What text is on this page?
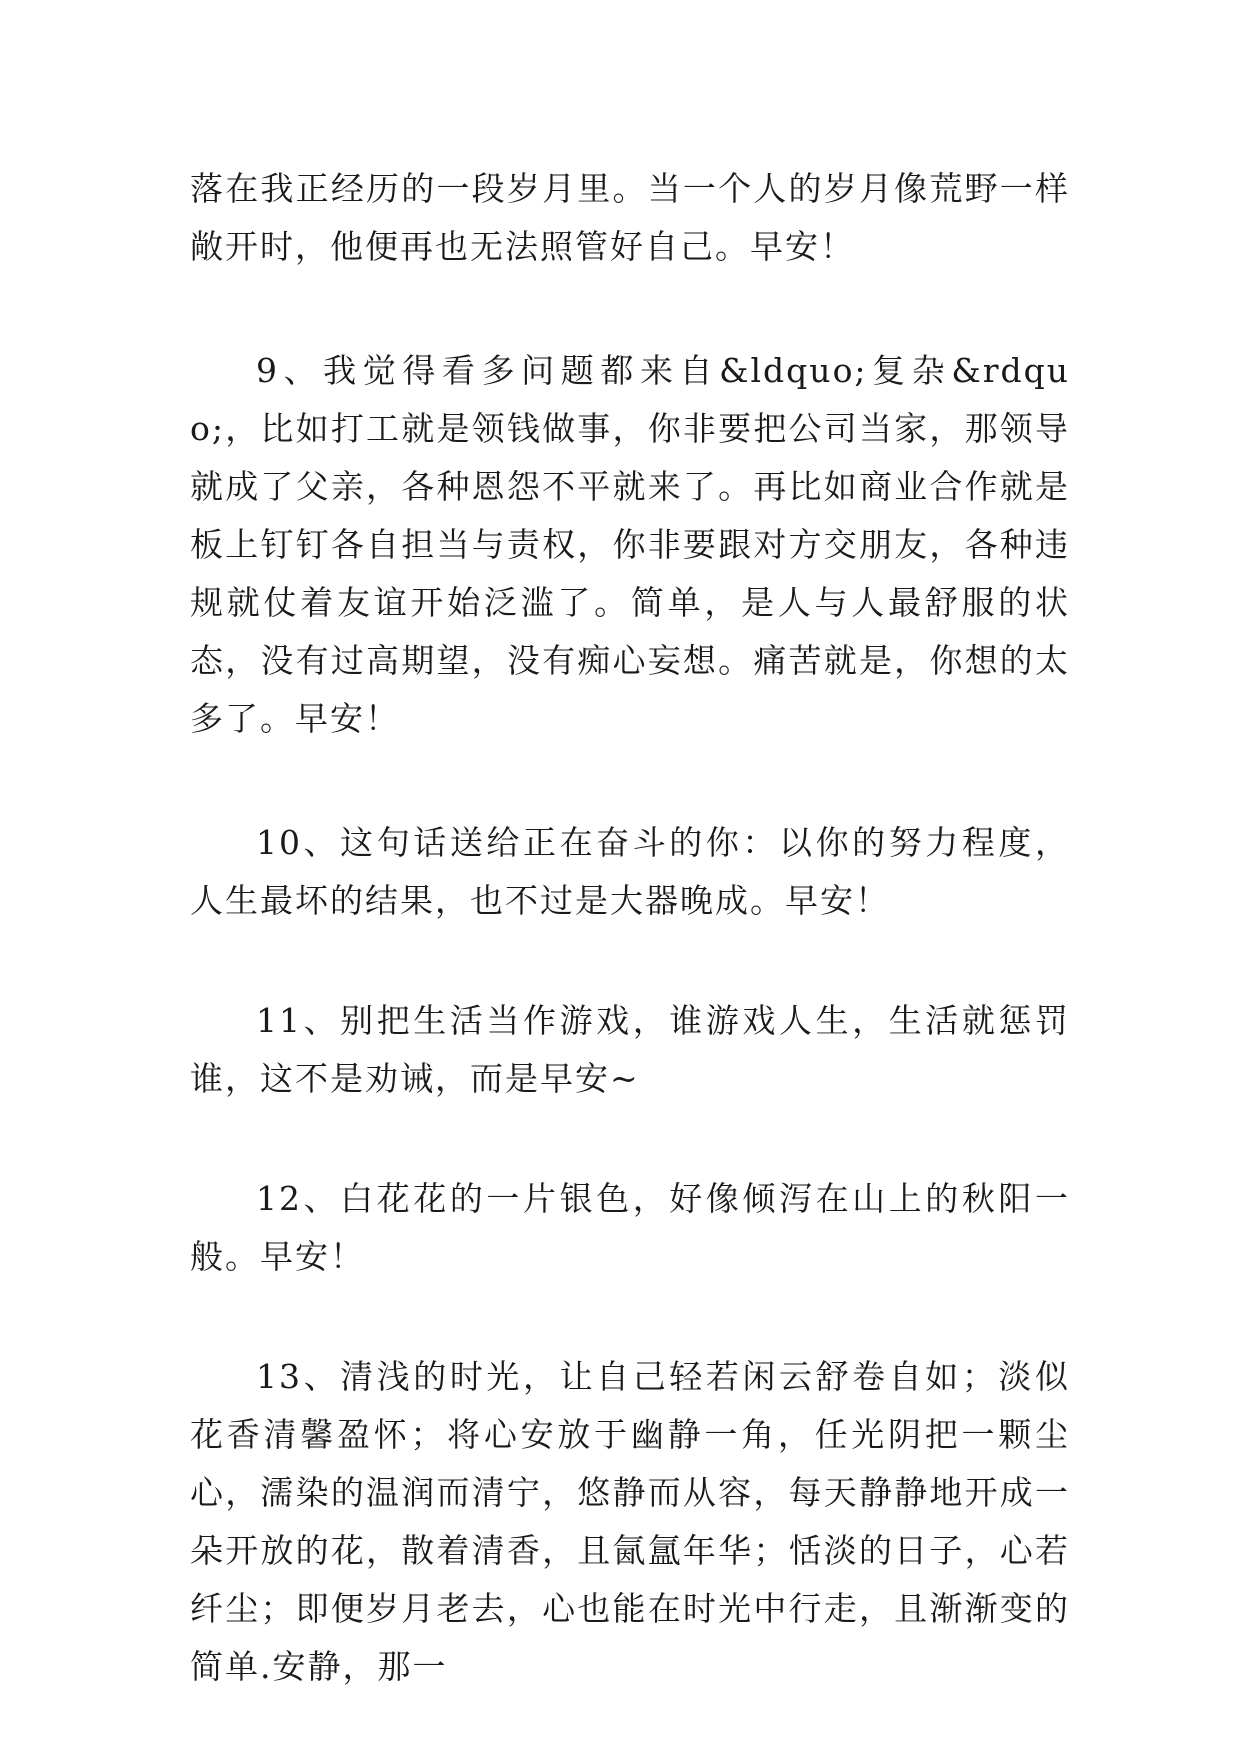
落在我正经历的一段岁月里。当一个人的岁月像荒野一样敞开时，他便再也无法照管好自己。早安！

9、我觉得看多问题都来自&ldquo;复杂&rdquo;，比如打工就是领钱做事，你非要把公司当家，那领导就成了父亲，各种恩怨不平就来了。再比如商业合作就是板上钉钉各自担当与责权，你非要跟对方交朋友，各种违规就仗着友谊开始泛滥了。简单，是人与人最舒服的状态，没有过高期望，没有痴心妄想。痛苦就是，你想的太多了。早安！

10、这句话送给正在奋斗的你：以你的努力程度，人生最坏的结果，也不过是大器晚成。早安！

11、别把生活当作游戏，谁游戏人生，生活就惩罚谁，这不是劝诫，而是早安~

12、白花花的一片银色，好像倾泻在山上的秋阳一般。早安！

13、清浅的时光，让自己轻若闲云舒卷自如；淡似花香清馨盈怀；将心安放于幽静一角，任光阴把一颗尘心，濡染的温润而清宁，悠静而从容，每天静静地开成一朵开放的花，散着清香，且氤氲年华；恬淡的日子，心若纤尘；即便岁月老去，心也能在时光中行走，且渐渐变的简单.安静，那一
